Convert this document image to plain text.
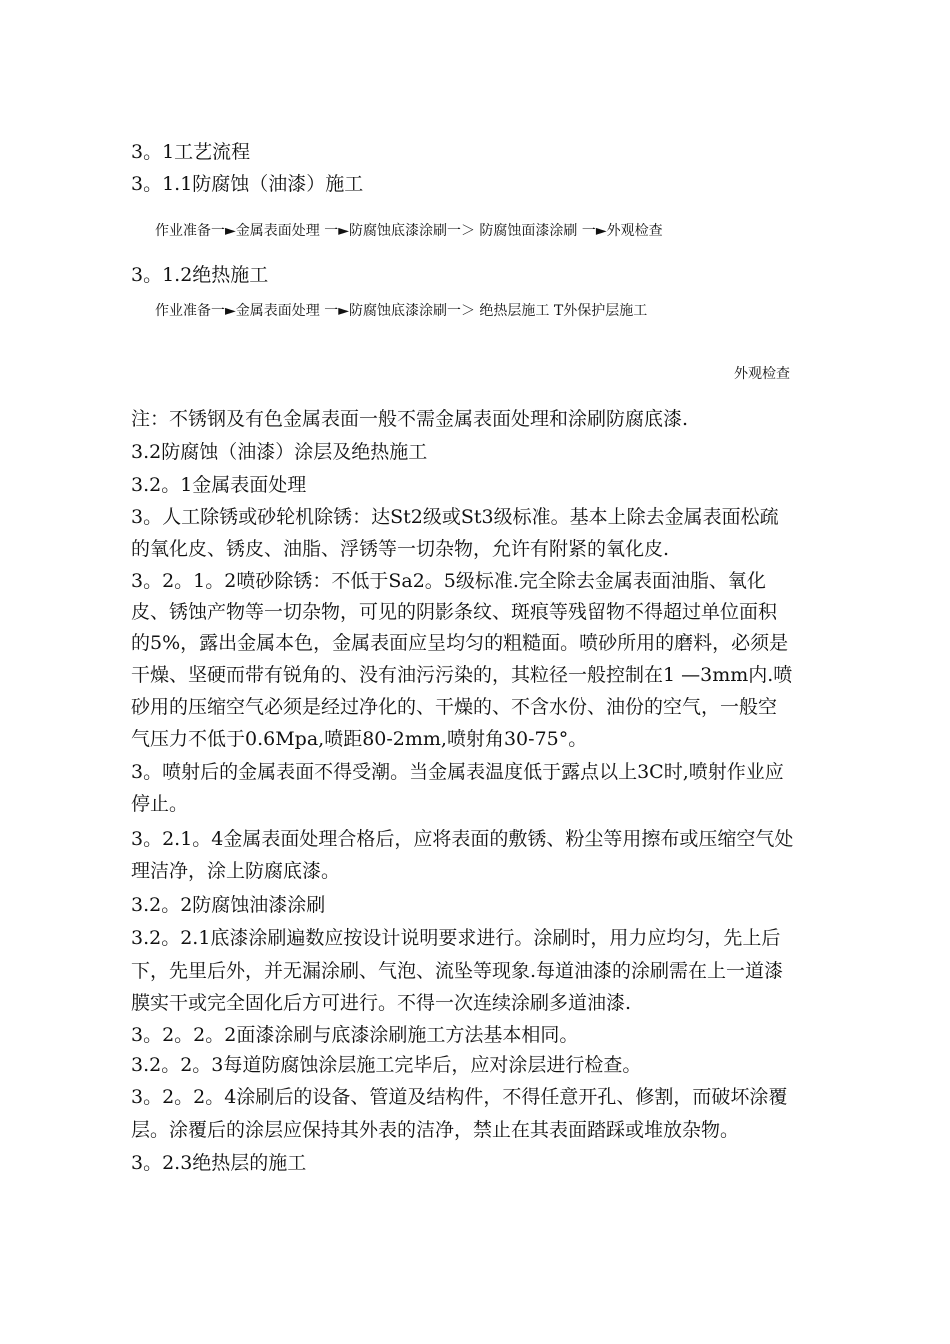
3。1工艺流程
3。1.1防腐蚀（油漆）施工
作业准备一►金属表面处理 一►防腐蚀底漆涂刷一＞ 防腐蚀面漆涂刷 一►外观检查
3。1.2绝热施工
作业准备一►金属表面处理 一►防腐蚀底漆涂刷一＞ 绝热层施工 T外保护层施工
外观检查
注：不锈钢及有色金属表面一般不需金属表面处理和涂刷防腐底漆.
3.2防腐蚀（油漆）涂层及绝热施工
3.2。1金属表面处理
3。人工除锈或砂轮机除锈：达St2级或St3级标准。基本上除去金属表面松疏
的氧化皮、锈皮、油脂、浮锈等一切杂物，允许有附紧的氧化皮.
3。2。1。2喷砂除锈：不低于Sa2。5级标准.完全除去金属表面油脂、氧化
皮、锈蚀产物等一切杂物，可见的阴影条纹、斑痕等残留物不得超过单位面积
的5%，露出金属本色，金属表面应呈均匀的粗糙面。喷砂所用的磨料，必须是
干燥、坚硬而带有锐角的、没有油污污染的，其粒径一般控制在1 —3mm内.喷
砂用的压缩空气必须是经过净化的、干燥的、不含水份、油份的空气，一般空
气压力不低于0.6Mpa,喷距80-2mm,喷射角30-75°。
3。喷射后的金属表面不得受潮。当金属表温度低于露点以上3C时,喷射作业应
停止。
3。2.1。4金属表面处理合格后，应将表面的敷锈、粉尘等用擦布或压缩空气处
理洁净，涂上防腐底漆。
3.2。2防腐蚀油漆涂刷
3.2。2.1底漆涂刷遍数应按设计说明要求进行。涂刷时，用力应均匀，先上后
下，先里后外，并无漏涂刷、气泡、流坠等现象.每道油漆的涂刷需在上一道漆
膜实干或完全固化后方可进行。不得一次连续涂刷多道油漆.
3。2。2。2面漆涂刷与底漆涂刷施工方法基本相同。
3.2。2。3每道防腐蚀涂层施工完毕后，应对涂层进行检查。
3。2。2。4涂刷后的设备、管道及结构件，不得任意开孔、修割，而破坏涂覆
层。涂覆后的涂层应保持其外表的洁净，禁止在其表面踏踩或堆放杂物。
3。2.3绝热层的施工
